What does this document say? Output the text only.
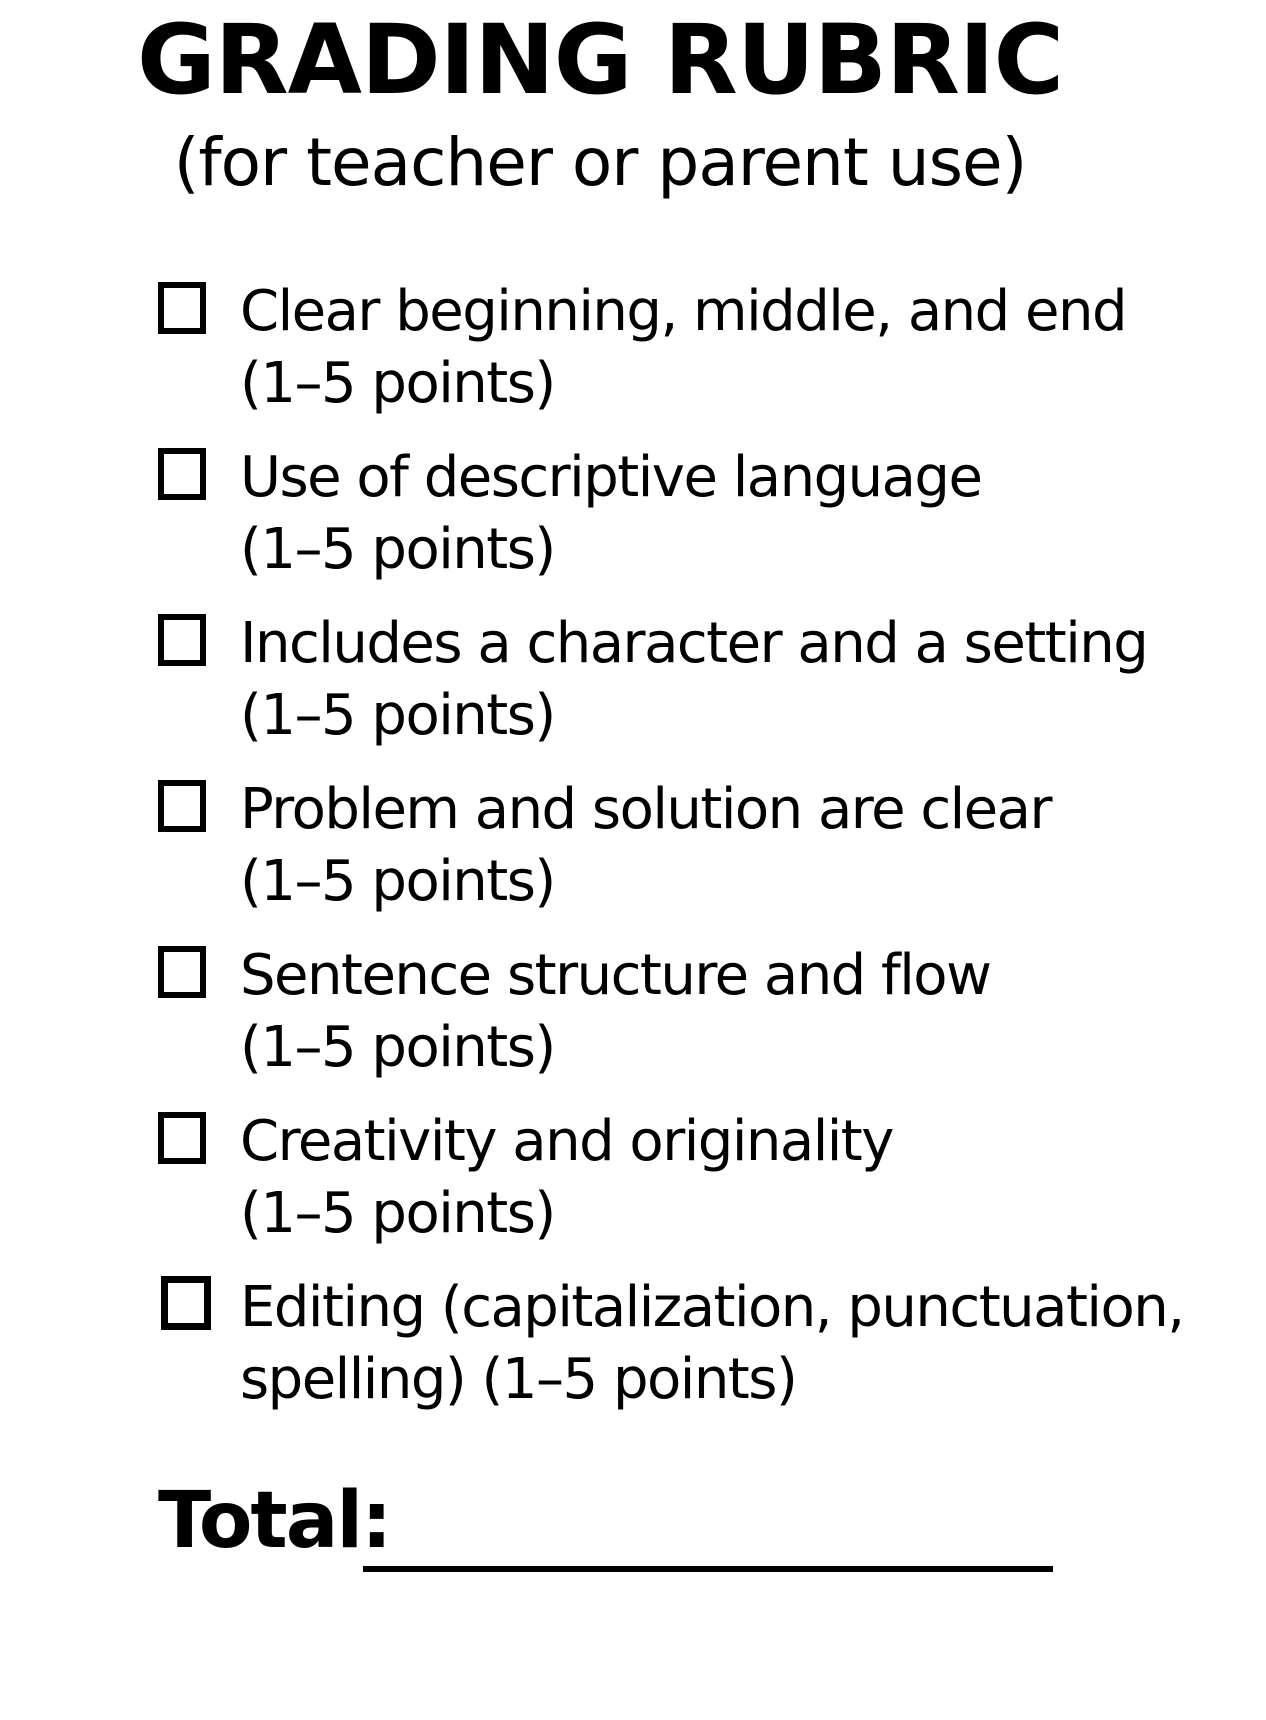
GRADING RUBRIC
(for teacher or parent use)
Clear beginning, middle, and end
(1–5 points)
Use of descriptive language
(1–5 points)
Includes a character and a setting
(1–5 points)
Problem and solution are clear
(1–5 points)
Sentence structure and flow
(1–5 points)
Creativity and originality
(1–5 points)
Editing (capitalization, punctuation,
spelling) (1–5 points)
Total:
